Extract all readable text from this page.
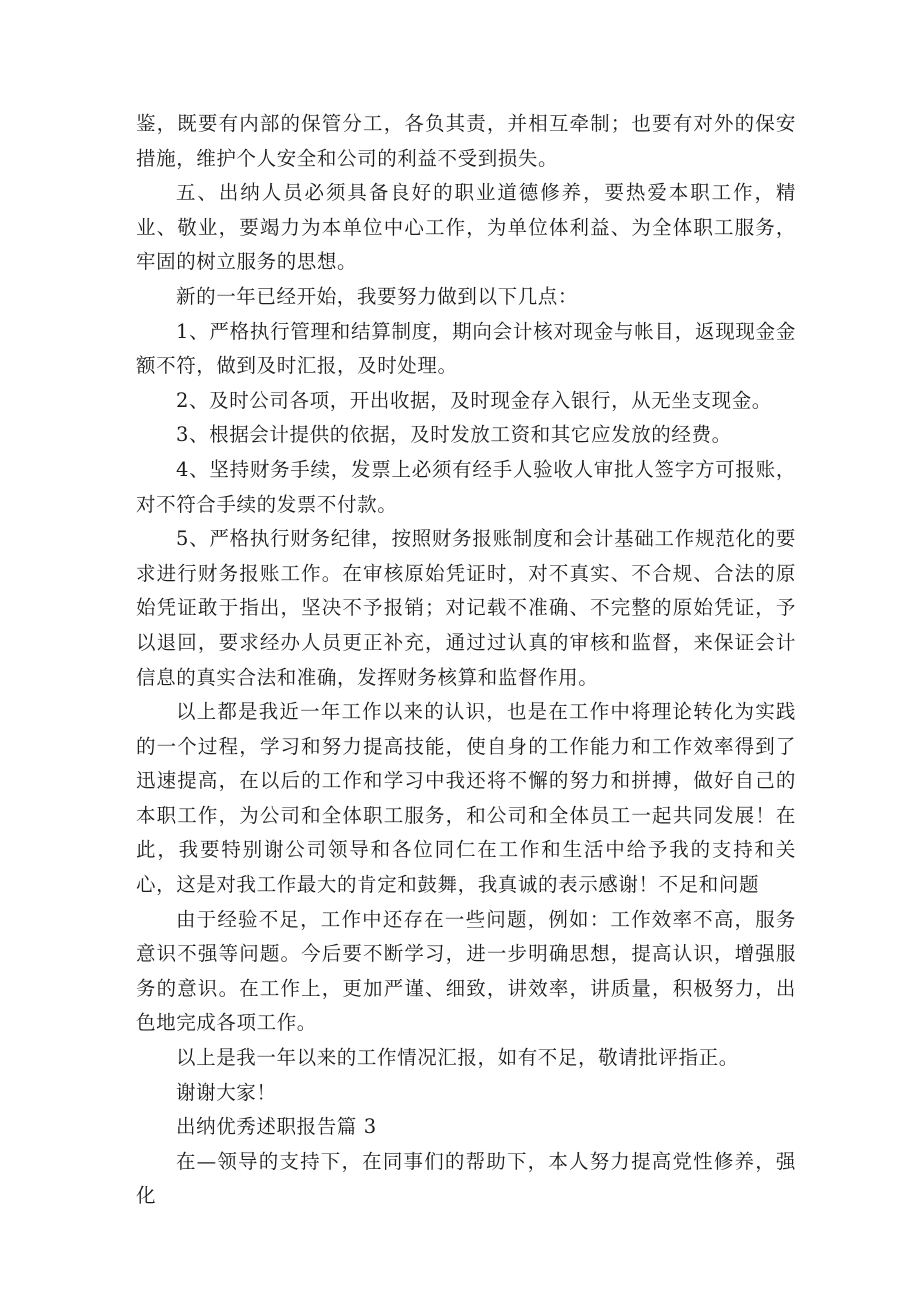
鉴，既要有内部的保管分工，各负其责，并相互牵制；也要有对外的保安措施，维护个人安全和公司的利益不受到损失。

五、出纳人员必须具备良好的职业道德修养，要热爱本职工作，精业、敬业，要竭力为本单位中心工作，为单位体利益、为全体职工服务，牢固的树立服务的思想。

新的一年已经开始，我要努力做到以下几点：

1、严格执行管理和结算制度，期向会计核对现金与帐目，返现现金金额不符，做到及时汇报，及时处理。

2、及时公司各项，开出收据，及时现金存入银行，从无坐支现金。

3、根据会计提供的依据，及时发放工资和其它应发放的经费。

4、坚持财务手续，发票上必须有经手人验收人审批人签字方可报账，对不符合手续的发票不付款。

5、严格执行财务纪律，按照财务报账制度和会计基础工作规范化的要求进行财务报账工作。在审核原始凭证时，对不真实、不合规、合法的原始凭证敢于指出，坚决不予报销；对记载不准确、不完整的原始凭证，予以退回，要求经办人员更正补充，通过过认真的审核和监督，来保证会计信息的真实合法和准确，发挥财务核算和监督作用。

以上都是我近一年工作以来的认识，也是在工作中将理论转化为实践的一个过程，学习和努力提高技能，使自身的工作能力和工作效率得到了迅速提高，在以后的工作和学习中我还将不懈的努力和拼搏，做好自己的本职工作，为公司和全体职工服务，和公司和全体员工一起共同发展！在此，我要特别谢公司领导和各位同仁在工作和生活中给予我的支持和关心，这是对我工作最大的肯定和鼓舞，我真诚的表示感谢！不足和问题

由于经验不足，工作中还存在一些问题，例如：工作效率不高，服务意识不强等问题。今后要不断学习，进一步明确思想，提高认识，增强服务的意识。在工作上，更加严谨、细致，讲效率，讲质量，积极努力，出色地完成各项工作。

以上是我一年以来的工作情况汇报，如有不足，敬请批评指正。

谢谢大家！

出纳优秀述职报告篇 3

在—领导的支持下，在同事们的帮助下，本人努力提高党性修养，强化
